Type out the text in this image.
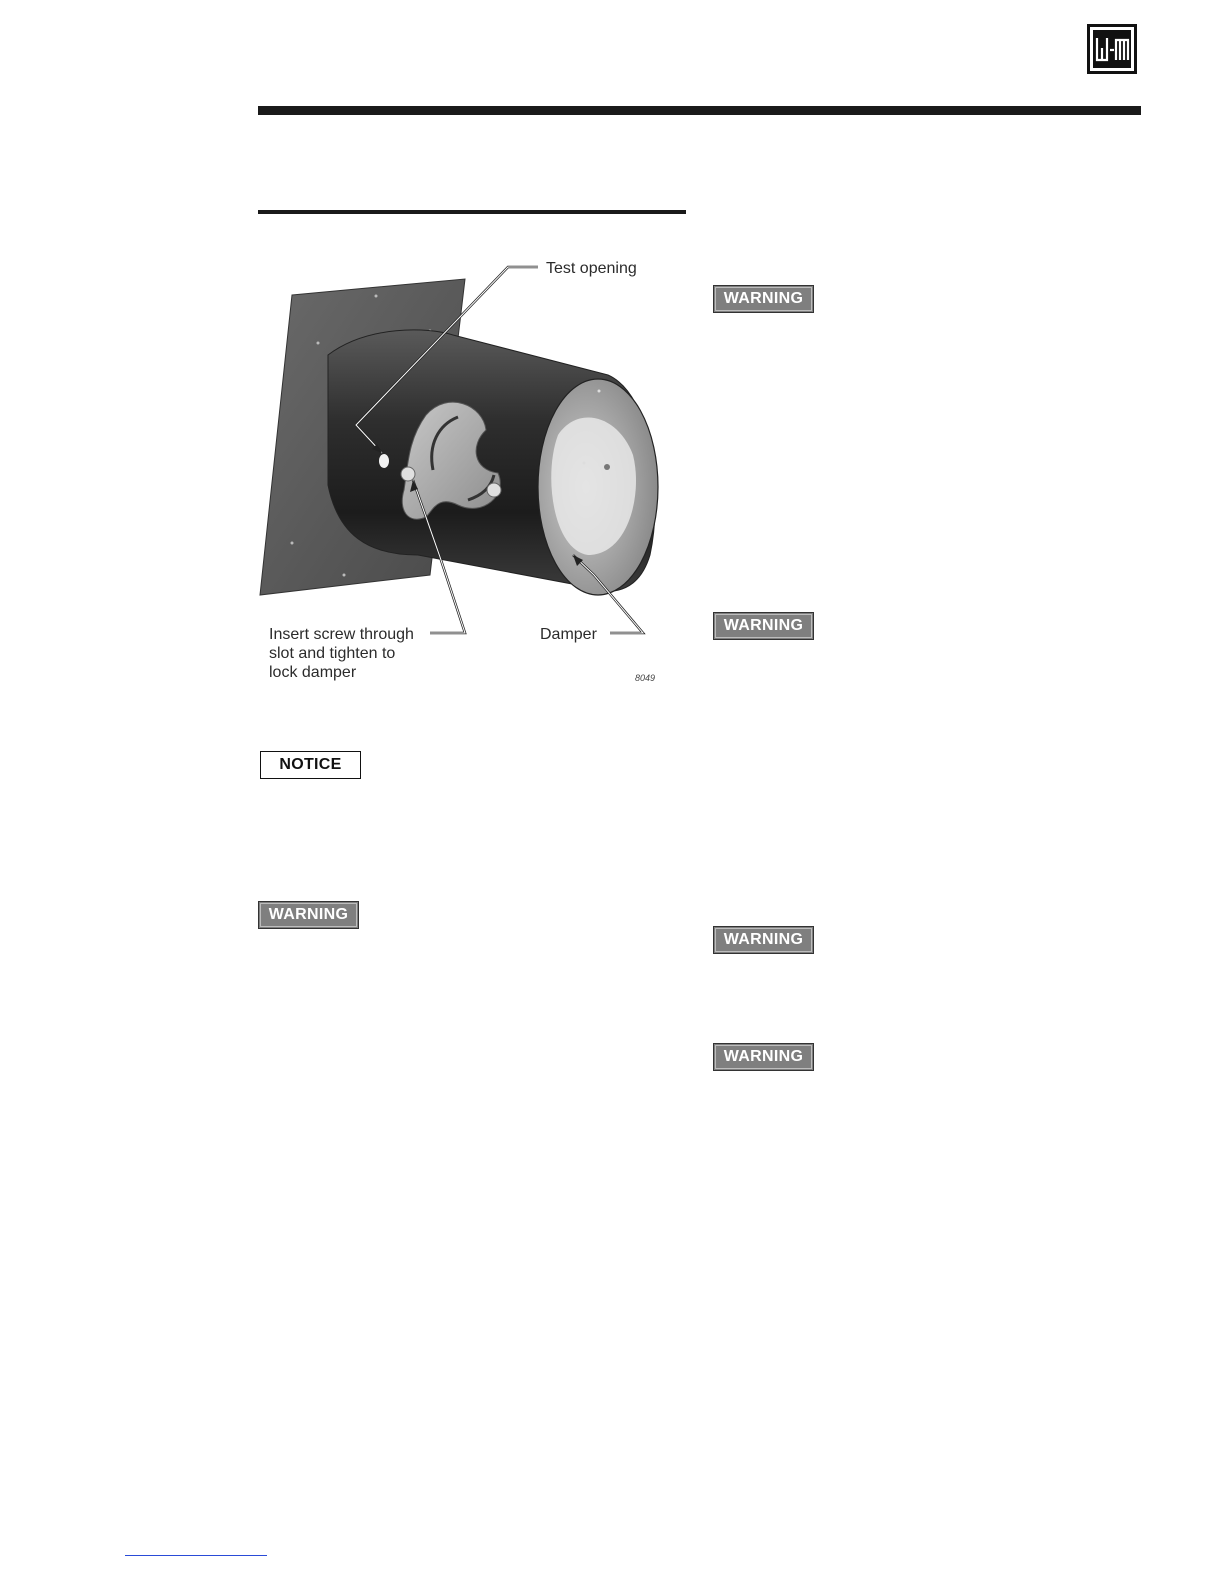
Test opening
Insert screw through
slot and tighten to
lock damper
Damper
8049
NOTICE
WARNING
WARNING
WARNING
WARNING
WARNING
